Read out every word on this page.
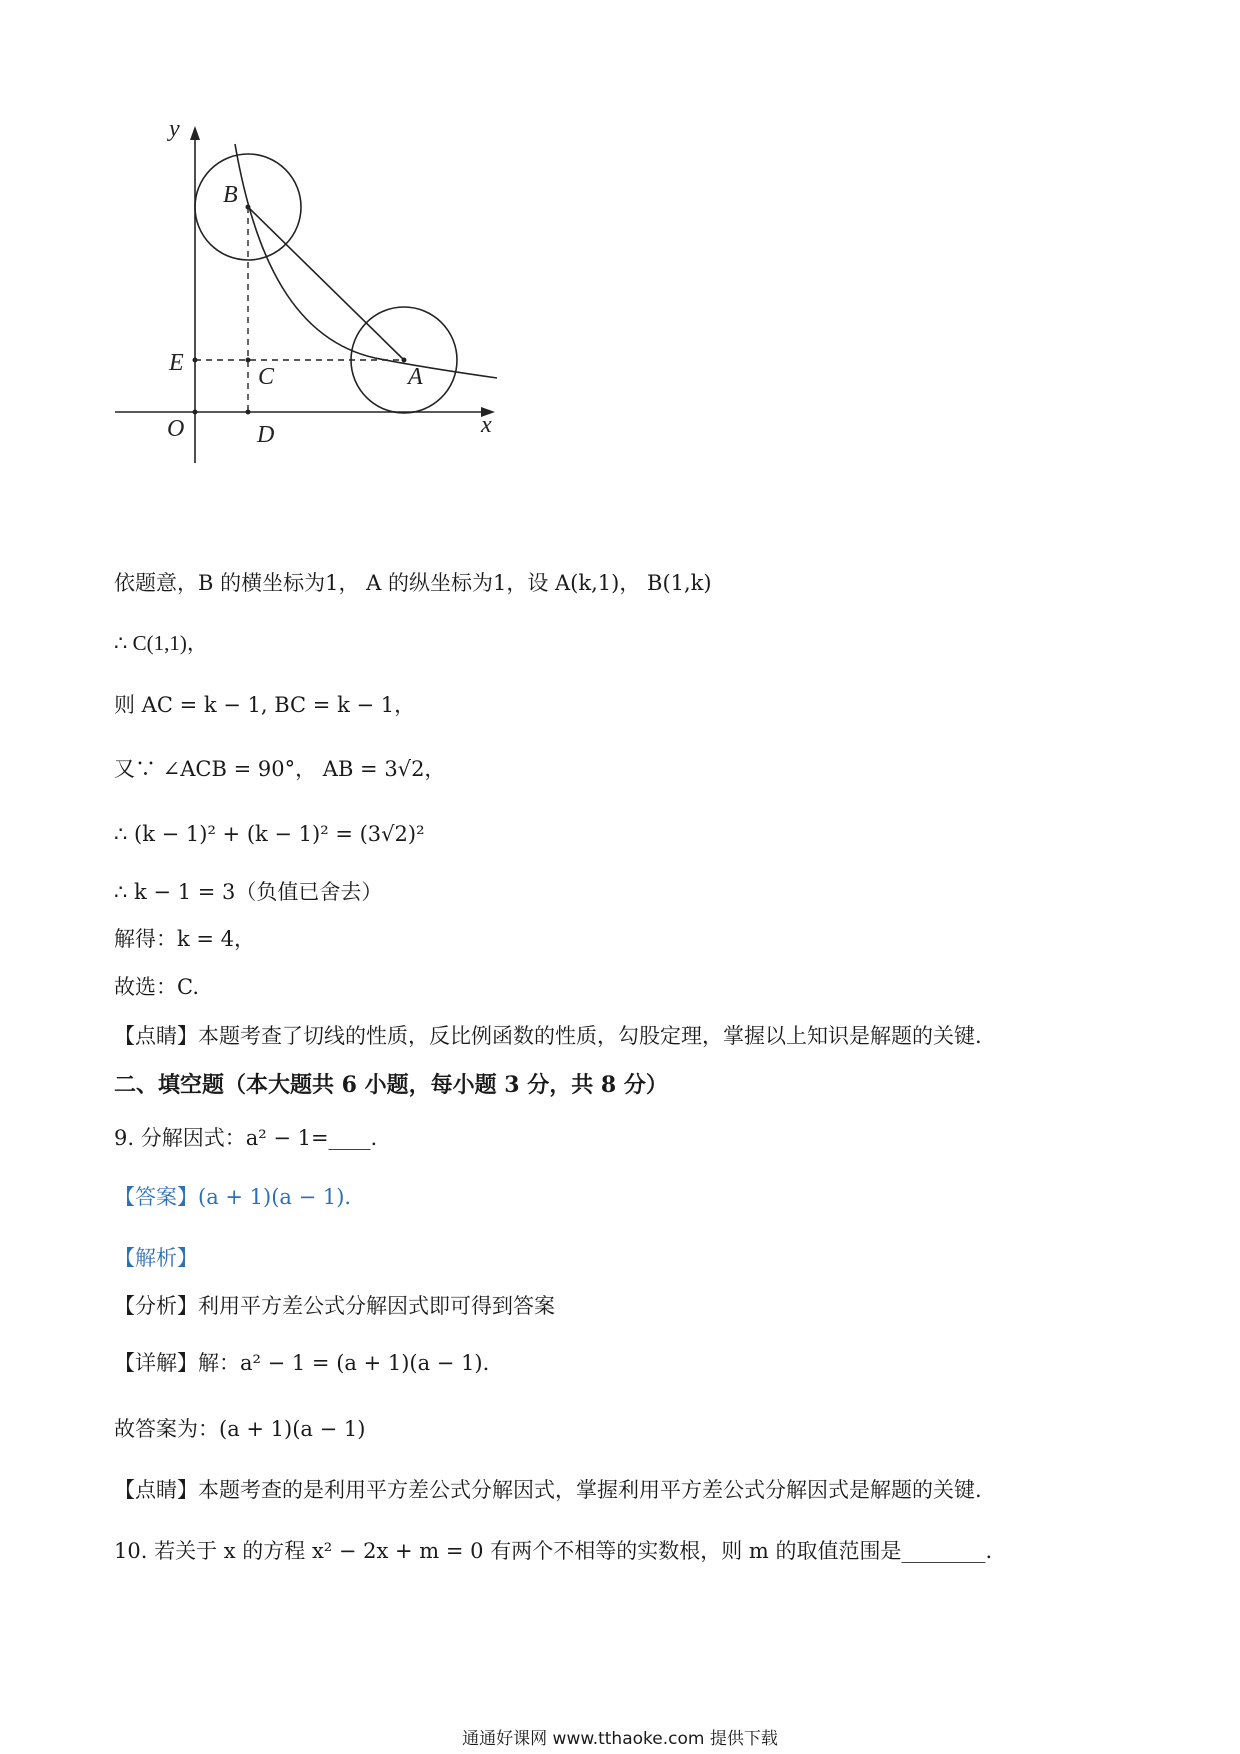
y
x
O
B
E
C	A
D
依题意，B 的横坐标为1， A 的纵坐标为1，设 A(k,1)， B(1,k)
∴ C(1,1)，
则 AC = k − 1, BC = k − 1，
又∵ ∠ACB = 90°， AB = 3√2，
∴ (k − 1)² + (k − 1)² = (3√2)²
∴ k − 1 = 3（负值已舍去）
解得：k = 4，
故选：C.
【点睛】本题考查了切线的性质，反比例函数的性质，勾股定理，掌握以上知识是解题的关键.
二、填空题（本大题共 6 小题，每小题 3 分，共 8 分）
9. 分解因式：a² − 1=____.
【答案】(a + 1)(a − 1).
【解析】
【分析】利用平方差公式分解因式即可得到答案
【详解】解：a² − 1 = (a + 1)(a − 1).
故答案为：(a + 1)(a − 1)
【点睛】本题考查的是利用平方差公式分解因式，掌握利用平方差公式分解因式是解题的关键.
10. 若关于 x 的方程 x² − 2x + m = 0 有两个不相等的实数根，则 m 的取值范围是________.
通通好课网 www.tthaoke.com 提供下载
